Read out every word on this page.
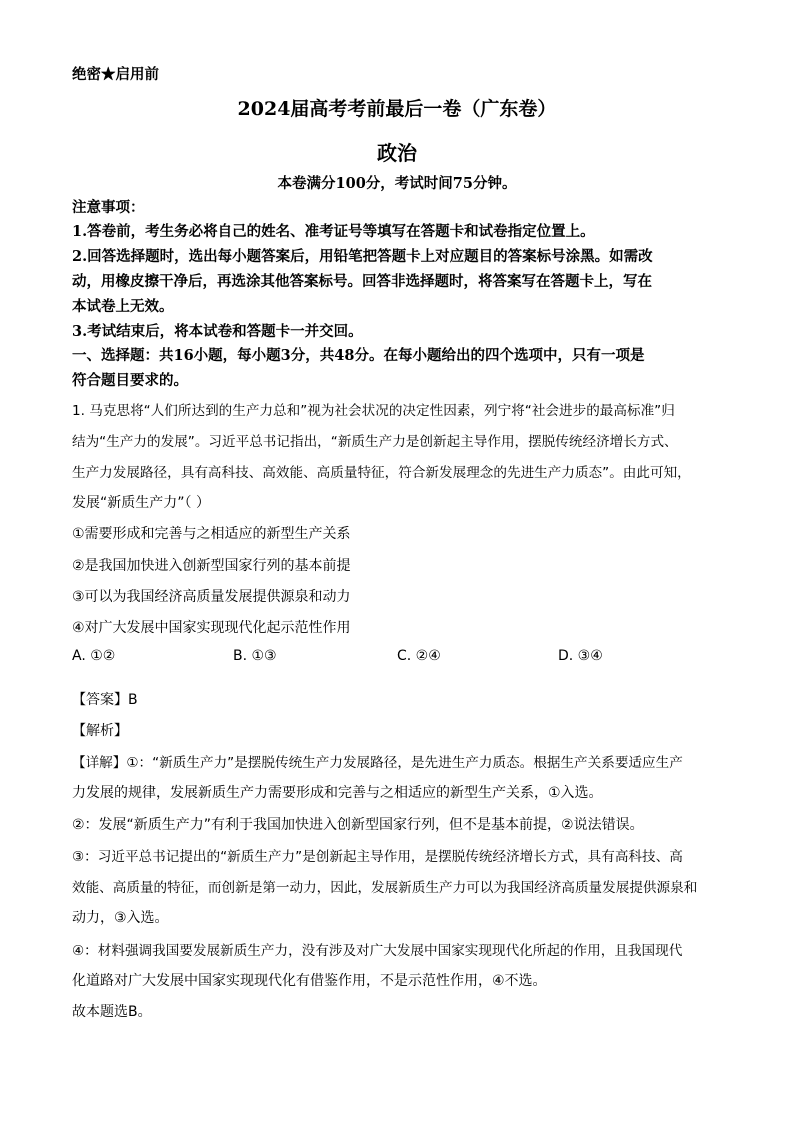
绝密★启用前
2024届高考考前最后一卷（广东卷）
政治
本卷满分100分，考试时间75分钟。
注意事项：
1.答卷前，考生务必将自己的姓名、准考证号等填写在答题卡和试卷指定位置上。
2.回答选择题时，选出每小题答案后，用铅笔把答题卡上对应题目的答案标号涂黑。如需改
动，用橡皮擦干净后，再选涂其他答案标号。回答非选择题时，将答案写在答题卡上，写在
本试卷上无效。
3.考试结束后，将本试卷和答题卡一并交回。
一、选择题：共16小题，每小题3分，共48分。在每小题给出的四个选项中，只有一项是
符合题目要求的。
1. 马克思将“人们所达到的生产力总和”视为社会状况的决定性因素，列宁将“社会进步的最高标准”归
结为“生产力的发展”。习近平总书记指出，“新质生产力是创新起主导作用，摆脱传统经济增长方式、
生产力发展路径，具有高科技、高效能、高质量特征，符合新发展理念的先进生产力质态”。由此可知，
发展“新质生产力”（ ）
①需要形成和完善与之相适应的新型生产关系
②是我国加快进入创新型国家行列的基本前提
③可以为我国经济高质量发展提供源泉和动力
④对广大发展中国家实现现代化起示范性作用
A. ①②	B. ①③	C. ②④	D. ③④
【答案】B
【解析】
【详解】①：“新质生产力”是摆脱传统生产力发展路径，是先进生产力质态。根据生产关系要适应生产
力发展的规律，发展新质生产力需要形成和完善与之相适应的新型生产关系，①入选。
②：发展“新质生产力”有利于我国加快进入创新型国家行列，但不是基本前提，②说法错误。
③：习近平总书记提出的“新质生产力”是创新起主导作用，是摆脱传统经济增长方式，具有高科技、高
效能、高质量的特征，而创新是第一动力，因此，发展新质生产力可以为我国经济高质量发展提供源泉和
动力，③入选。
④：材料强调我国要发展新质生产力，没有涉及对广大发展中国家实现现代化所起的作用，且我国现代
化道路对广大发展中国家实现现代化有借鉴作用，不是示范性作用，④不选。
故本题选B。
